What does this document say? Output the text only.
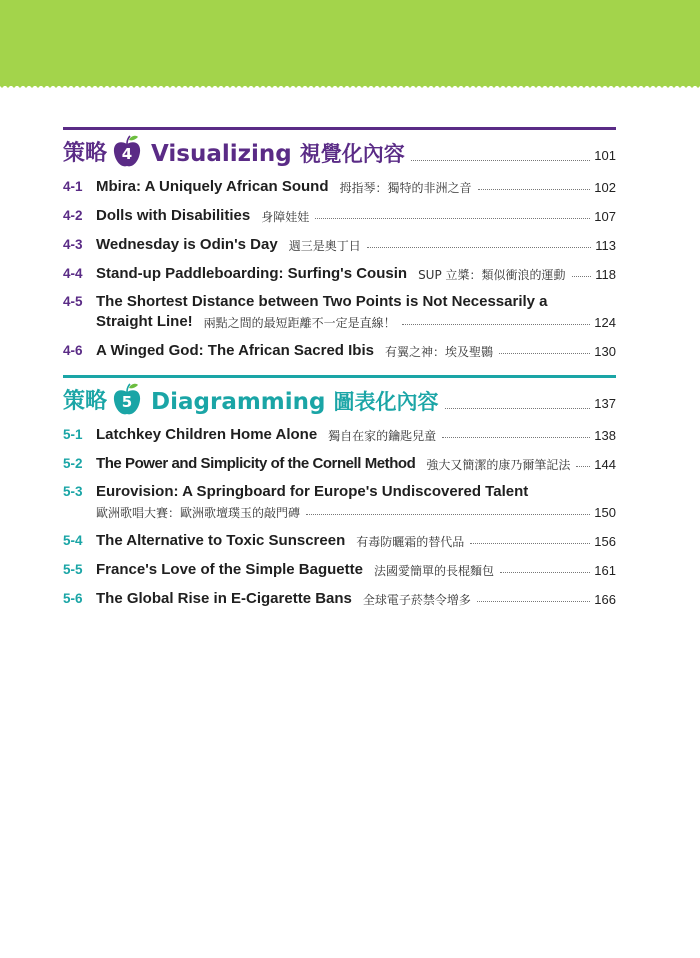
策略 4 Visualizing 視覺化內容	101
4-1 Mbira: A Uniquely African Sound 拇指琴：獨特的非洲之音	102
4-2 Dolls with Disabilities 身障娃娃	107
4-3 Wednesday is Odin's Day 週三是奧丁日	113
4-4 Stand-up Paddleboarding: Surfing's Cousin SUP 立槳：類似衝浪的運動 118
4-5 The Shortest Distance between Two Points is Not Necessarily a
Straight Line! 兩點之間的最短距離不一定是直線！	124
4-6 A Winged God: The African Sacred Ibis 有翼之神：埃及聖䴉	130
策略 5 Diagramming 圖表化內容	137
5-1 Latchkey Children Home Alone 獨自在家的鑰匙兒童	138
5-2 The Power and Simplicity of the Cornell Method 強大又簡潔的康乃爾筆記法 144
5-3 Eurovision: A Springboard for Europe's Undiscovered Talent
歐洲歌唱大賽：歐洲歌壇璞玉的敲門磚	150
5-4 The Alternative to Toxic Sunscreen 有毒防曬霜的替代品	156
5-5 France's Love of the Simple Baguette 法國愛簡單的長棍麵包	161
5-6 The Global Rise in E-Cigarette Bans 全球電子菸禁令增多	166
